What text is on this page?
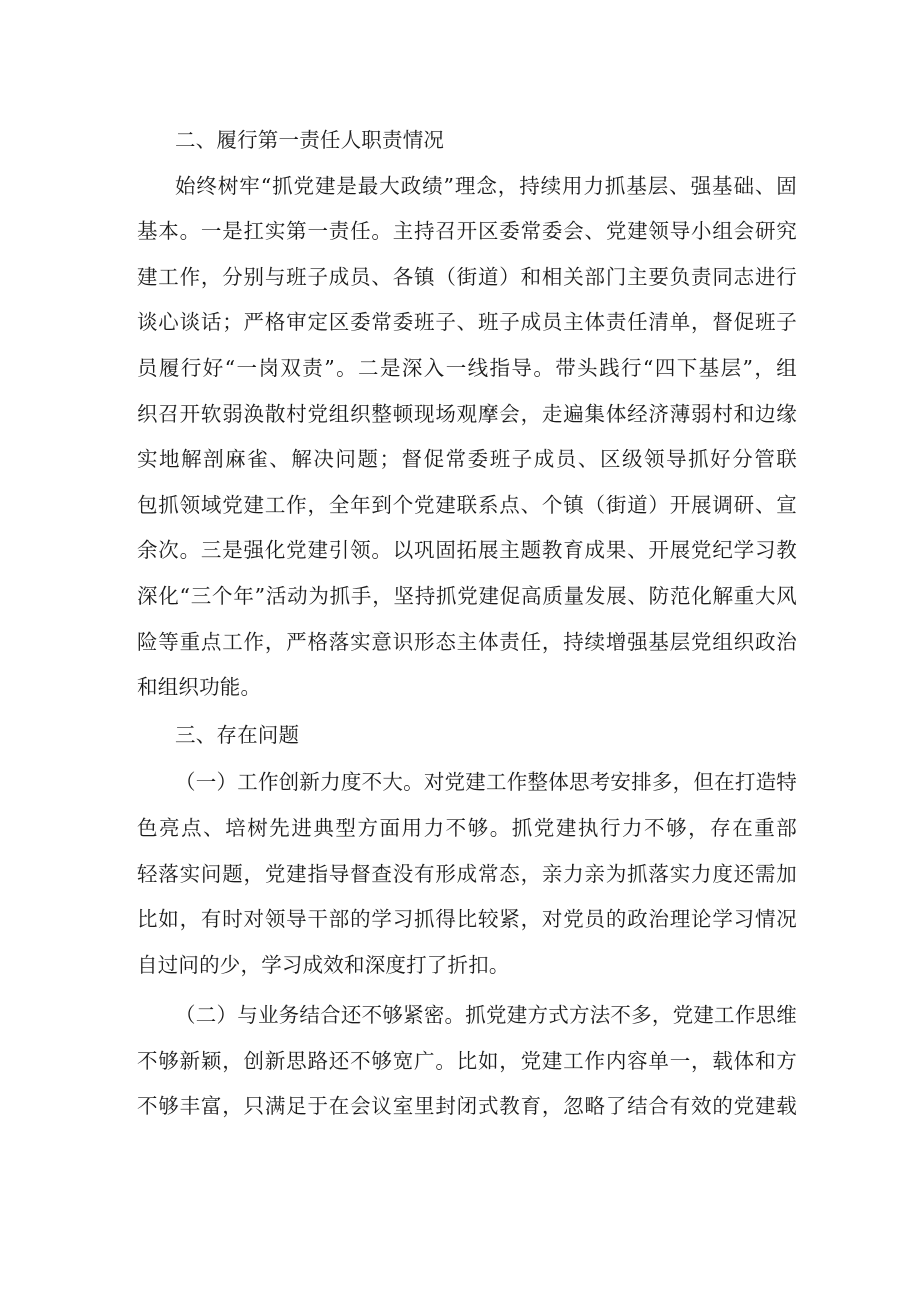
二、履行第一责任人职责情况
始终树牢“抓党建是最大政绩”理念，持续用力抓基层、强基础、固
基本。一是扛实第一责任。主持召开区委常委会、党建领导小组会研究
建工作，分别与班子成员、各镇（街道）和相关部门主要负责同志进行
谈心谈话；严格审定区委常委班子、班子成员主体责任清单，督促班子
员履行好“一岗双责”。二是深入一线指导。带头践行“四下基层”，组
织召开软弱涣散村党组织整顿现场观摩会，走遍集体经济薄弱村和边缘
实地解剖麻雀、解决问题；督促常委班子成员、区级领导抓好分管联
包抓领域党建工作，全年到个党建联系点、个镇（街道）开展调研、宣
余次。三是强化党建引领。以巩固拓展主题教育成果、开展党纪学习教
深化“三个年”活动为抓手，坚持抓党建促高质量发展、防范化解重大风
险等重点工作，严格落实意识形态主体责任，持续增强基层党组织政治
和组织功能。
三、存在问题
（一）工作创新力度不大。对党建工作整体思考安排多，但在打造特
色亮点、培树先进典型方面用力不够。抓党建执行力不够，存在重部
轻落实问题，党建指导督查没有形成常态，亲力亲为抓落实力度还需加
比如，有时对领导干部的学习抓得比较紧，对党员的政治理论学习情况
自过问的少，学习成效和深度打了折扣。
（二）与业务结合还不够紧密。抓党建方式方法不多，党建工作思维
不够新颖，创新思路还不够宽广。比如，党建工作内容单一，载体和方
不够丰富，只满足于在会议室里封闭式教育，忽略了结合有效的党建载
